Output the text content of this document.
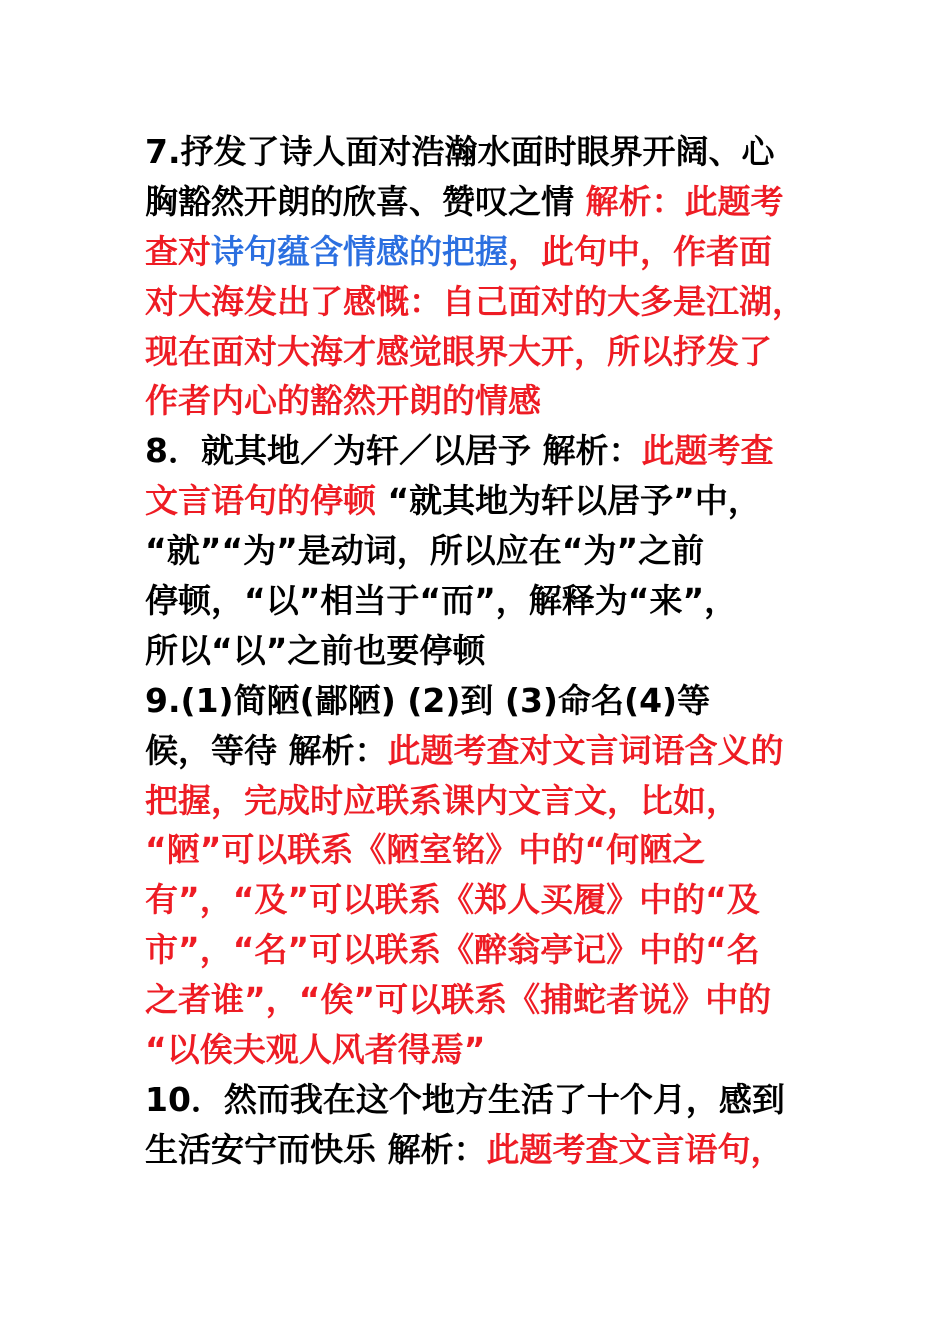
7.抒发了诗人面对浩瀚水面时眼界开阔、心
胸豁然开朗的欣喜、赞叹之情 解析：此题考
查对诗句蕴含情感的把握，此句中，作者面
对大海发出了感慨：自己面对的大多是江湖，
现在面对大海才感觉眼界大开，所以抒发了
作者内心的豁然开朗的情感
8．就其地／为轩／以居予 解析：此题考查
文言语句的停顿 “就其地为轩以居予”中，
“就”“为”是动词，所以应在“为”之前
停顿，“以”相当于“而”，解释为“来”，
所以“以”之前也要停顿
9.(1)简陋(鄙陋) (2)到 (3)命名(4)等
候，等待 解析：此题考查对文言词语含义的
把握，完成时应联系课内文言文，比如，
“陋”可以联系《陋室铭》中的“何陋之
有”，“及”可以联系《郑人买履》中的“及
市”，“名”可以联系《醉翁亭记》中的“名
之者谁”，“俟”可以联系《捕蛇者说》中的
“以俟夫观人风者得焉”
10．然而我在这个地方生活了十个月，感到
生活安宁而快乐 解析：此题考查文言语句，
